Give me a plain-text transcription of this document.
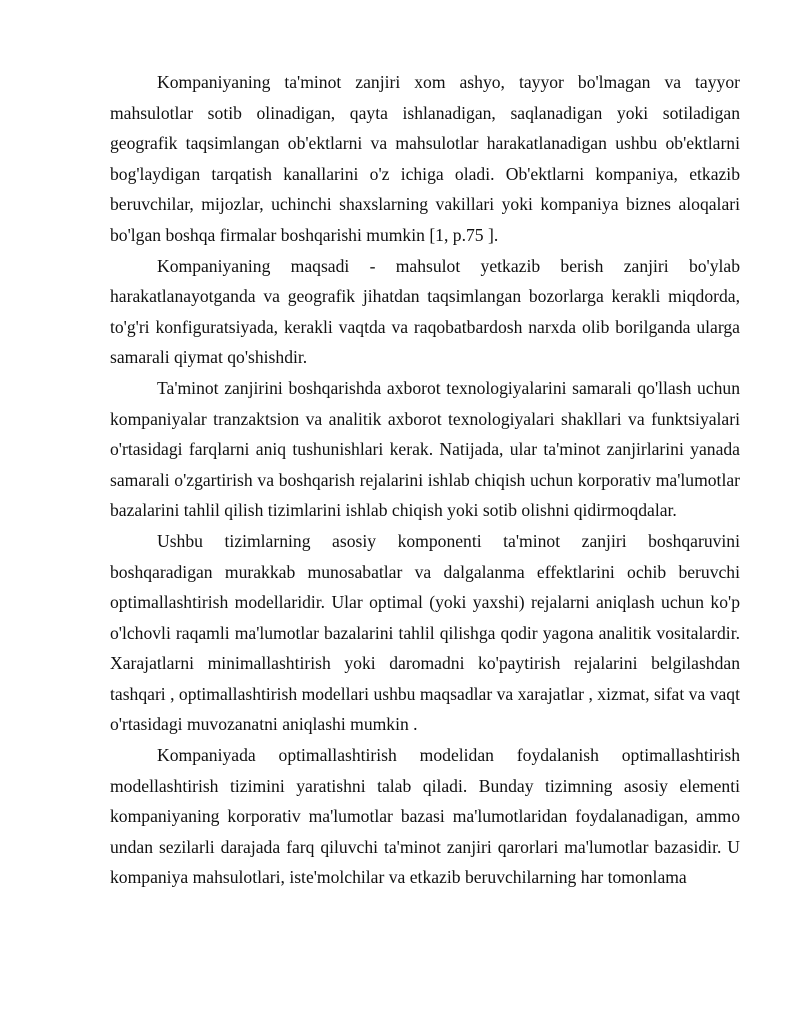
Kompaniyaning ta'minot zanjiri xom ashyo, tayyor bo'lmagan va tayyor mahsulotlar sotib olinadigan, qayta ishlanadigan, saqlanadigan yoki sotiladigan geografik taqsimlangan ob'ektlarni va mahsulotlar harakatlanadigan ushbu ob'ektlarni bog'laydigan tarqatish kanallarini o'z ichiga oladi. Ob'ektlarni kompaniya, etkazib beruvchilar, mijozlar, uchinchi shaxslarning vakillari yoki kompaniya biznes aloqalari bo'lgan boshqa firmalar boshqarishi mumkin [1, p.75 ].

Kompaniyaning maqsadi - mahsulot yetkazib berish zanjiri bo'ylab harakatlanayotganda va geografik jihatdan taqsimlangan bozorlarga kerakli miqdorda, to'g'ri konfiguratsiyada, kerakli vaqtda va raqobatbardosh narxda olib borilganda ularga samarali qiymat qo'shishdir.

Ta'minot zanjirini boshqarishda axborot texnologiyalarini samarali qo'llash uchun kompaniyalar tranzaktsion va analitik axborot texnologiyalari shakllari va funktsiyalari o'rtasidagi farqlarni aniq tushunishlari kerak. Natijada, ular ta'minot zanjirlarini yanada samarali o'zgartirish va boshqarish rejalarini ishlab chiqish uchun korporativ ma'lumotlar bazalarini tahlil qilish tizimlarini ishlab chiqish yoki sotib olishni qidirmoqdalar.

Ushbu tizimlarning asosiy komponenti ta'minot zanjiri boshqaruvini boshqaradigan murakkab munosabatlar va dalgalanma effektlarini ochib beruvchi optimallashtirish modellaridir. Ular optimal (yoki yaxshi) rejalarni aniqlash uchun ko'p o'lchovli raqamli ma'lumotlar bazalarini tahlil qilishga qodir yagona analitik vositalardir. Xarajatlarni minimallashtirish yoki daromadni ko'paytirish rejalarini belgilashdan tashqari , optimallashtirish modellari ushbu maqsadlar va xarajatlar , xizmat, sifat va vaqt o'rtasidagi muvozanatni aniqlashi mumkin .

Kompaniyada optimallashtirish modelidan foydalanish optimallashtirish modellashtirish tizimini yaratishni talab qiladi. Bunday tizimning asosiy elementi kompaniyaning korporativ ma'lumotlar bazasi ma'lumotlaridan foydalanadigan, ammo undan sezilarli darajada farq qiluvchi ta'minot zanjiri qarorlari ma'lumotlar bazasidir. U kompaniya mahsulotlari, iste'molchilar va etkazib beruvchilarning har tomonlama
